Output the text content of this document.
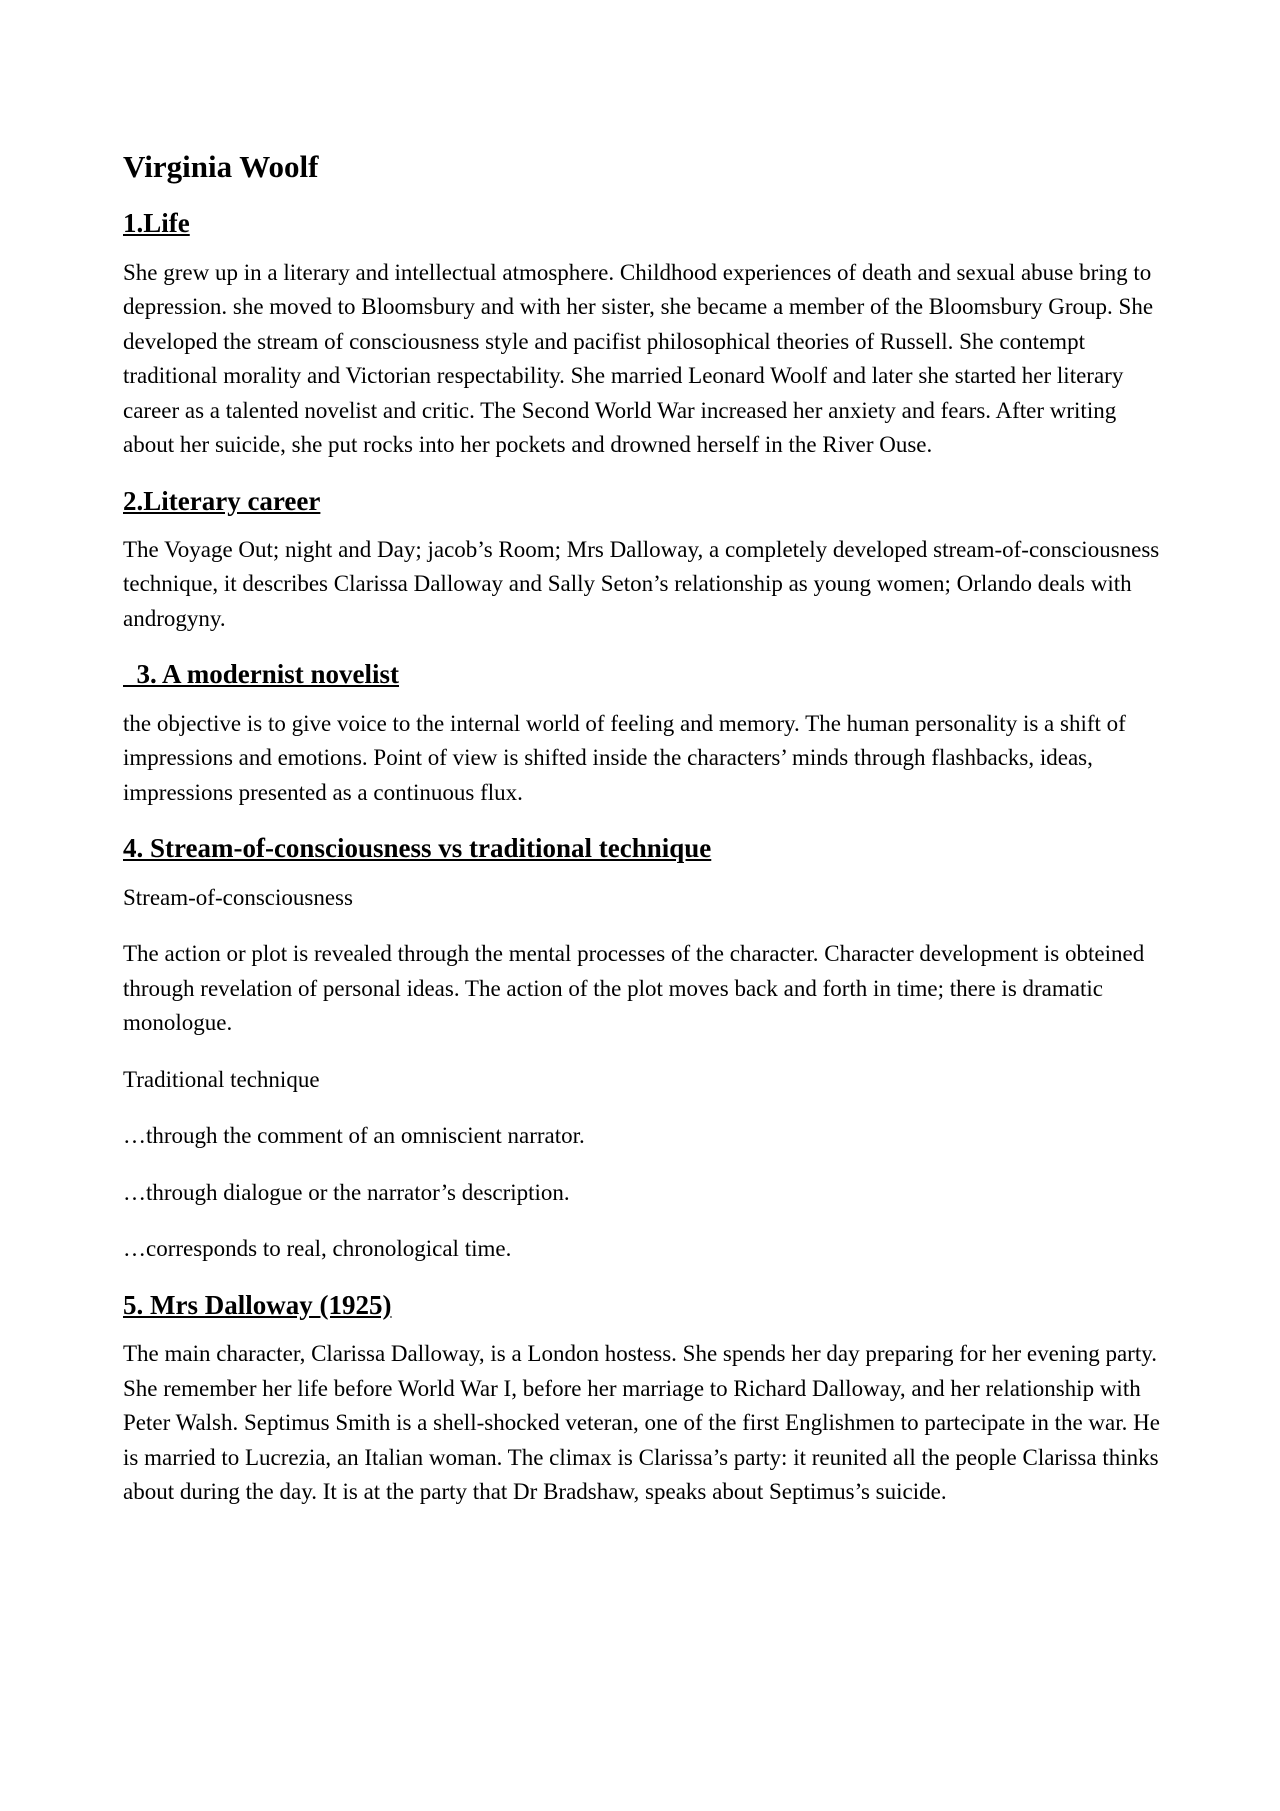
Virginia Woolf
1.Life

She grew up in a literary and intellectual atmosphere. Childhood experiences of death and sexual abuse bring to depression. she moved to Bloomsbury and with her sister, she became a member of the Bloomsbury Group. She developed the stream of consciousness style and pacifist philosophical theories of Russell. She contempt traditional morality and Victorian respectability. She married Leonard Woolf and later she started her literary career as a talented novelist and critic. The Second World War increased her anxiety and fears. After writing about her suicide, she put rocks into her pockets and drowned herself in the River Ouse.

2.Literary career

The Voyage Out; night and Day; jacob’s Room; Mrs Dalloway, a completely developed stream-of-consciousness technique, it describes Clarissa Dalloway and Sally Seton’s relationship as young women; Orlando deals with androgyny.

3. A modernist novelist

the objective is to give voice to the internal world of feeling and memory. The human personality is a shift of impressions and emotions. Point of view is shifted inside the characters’ minds through flashbacks, ideas, impressions presented as a continuous flux.

4. Stream-of-consciousness vs traditional technique

Stream-of-consciousness

The action or plot is revealed through the mental processes of the character. Character development is obteined through revelation of personal ideas. The action of the plot moves back and forth in time; there is dramatic monologue.

Traditional technique

…through the comment of an omniscient narrator.

…through dialogue or the narrator’s description.

…corresponds to real, chronological time.

5. Mrs Dalloway (1925)

The main character, Clarissa Dalloway, is a London hostess. She spends her day preparing for her evening party. She remember her life before World War I, before her marriage to Richard Dalloway, and her relationship with Peter Walsh. Septimus Smith is a shell-shocked veteran, one of the first Englishmen to partecipate in the war. He is married to Lucrezia, an Italian woman. The climax is Clarissa’s party: it reunited all the people Clarissa thinks about during the day. It is at the party that Dr Bradshaw, speaks about Septimus’s suicide.
